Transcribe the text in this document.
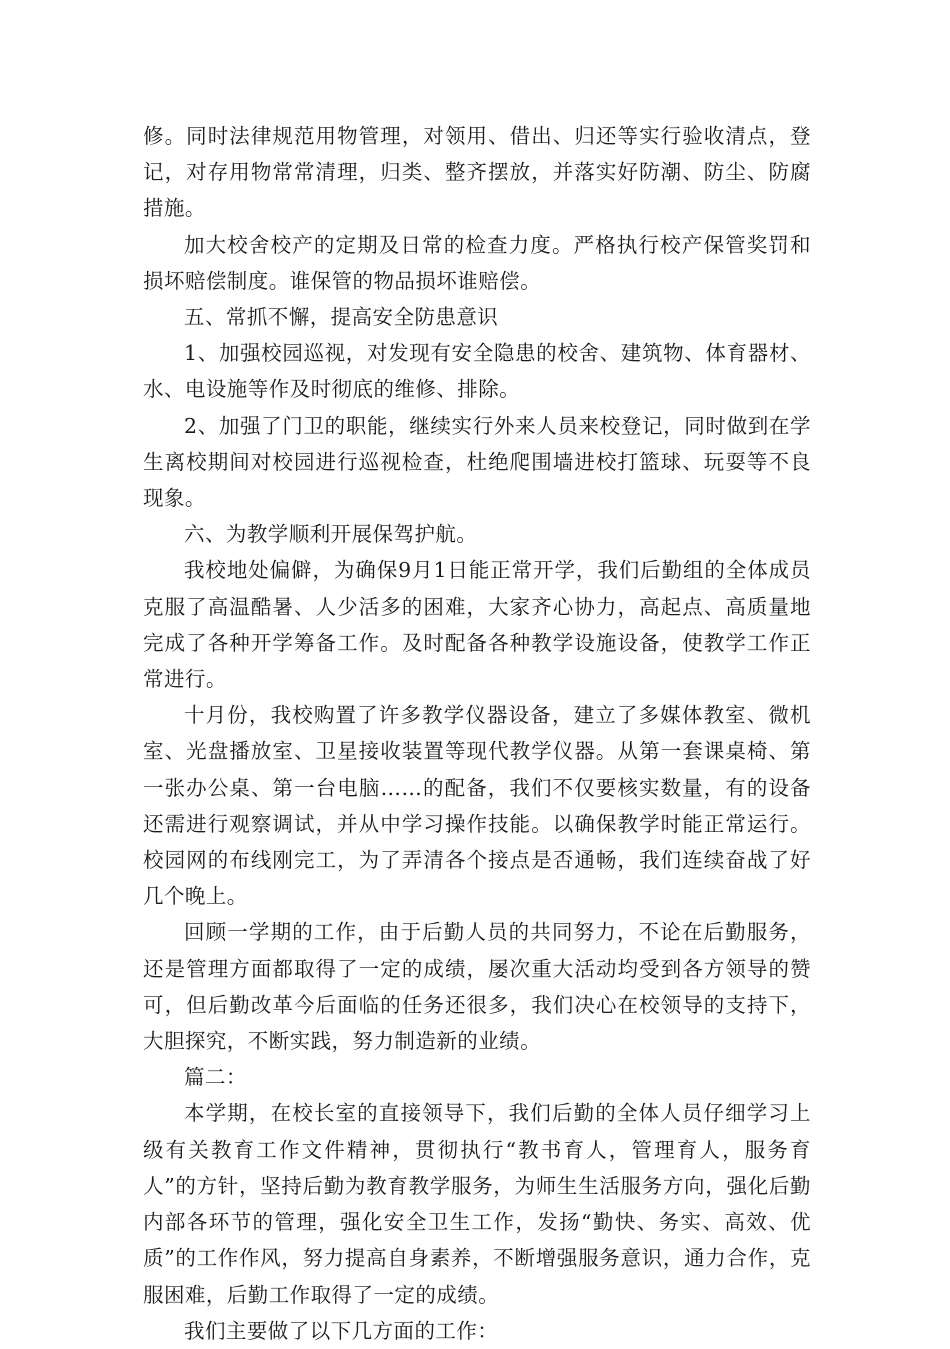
修。同时法律规范用物管理，对领用、借出、归还等实行验收清点，登记，对存用物常常清理，归类、整齐摆放，并落实好防潮、防尘、防腐措施。

加大校舍校产的定期及日常的检查力度。严格执行校产保管奖罚和损坏赔偿制度。谁保管的物品损坏谁赔偿。

五、常抓不懈，提高安全防患意识

1、加强校园巡视，对发现有安全隐患的校舍、建筑物、体育器材、水、电设施等作及时彻底的维修、排除。

2、加强了门卫的职能，继续实行外来人员来校登记，同时做到在学生离校期间对校园进行巡视检查，杜绝爬围墙进校打篮球、玩耍等不良现象。

六、为教学顺利开展保驾护航。

我校地处偏僻，为确保9月1日能正常开学，我们后勤组的全体成员克服了高温酷暑、人少活多的困难，大家齐心协力，高起点、高质量地完成了各种开学筹备工作。及时配备各种教学设施设备，使教学工作正常进行。

十月份，我校购置了许多教学仪器设备，建立了多媒体教室、微机室、光盘播放室、卫星接收装置等现代教学仪器。从第一套课桌椅、第一张办公桌、第一台电脑……的配备，我们不仅要核实数量，有的设备还需进行观察调试，并从中学习操作技能。以确保教学时能正常运行。校园网的布线刚完工，为了弄清各个接点是否通畅，我们连续奋战了好几个晚上。

回顾一学期的工作，由于后勤人员的共同努力，不论在后勤服务，还是管理方面都取得了一定的成绩，屡次重大活动均受到各方领导的赞可，但后勤改革今后面临的任务还很多，我们决心在校领导的支持下，大胆探究，不断实践，努力制造新的业绩。

篇二：

本学期，在校长室的直接领导下，我们后勤的全体人员仔细学习上级有关教育工作文件精神，贯彻执行“教书育人，管理育人，服务育人”的方针，坚持后勤为教育教学服务，为师生生活服务方向，强化后勤内部各环节的管理，强化安全卫生工作，发扬“勤快、务实、高效、优质”的工作作风，努力提高自身素养，不断增强服务意识，通力合作，克服困难，后勤工作取得了一定的成绩。

我们主要做了以下几方面的工作：
